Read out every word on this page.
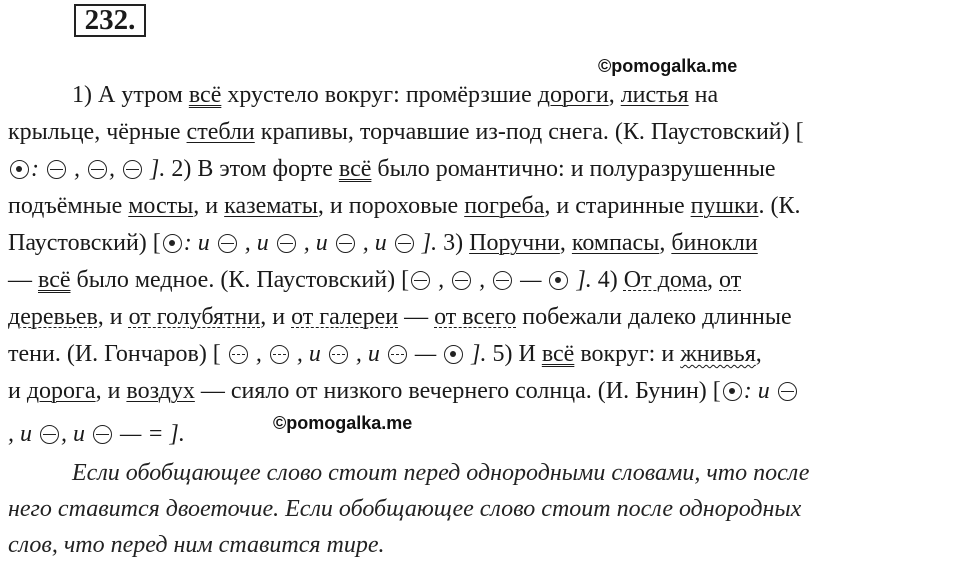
232.
©pomogalka.me
1) А утром всё хрустело вокруг: промёрзшие дороги, листья на
крыльце, чёрные стебли крапивы, торчавшие из-под снега. (К. Паустовский) [
:  , ,  ]. 2) В этом форте всё было романтично: и полуразрушенные
подъёмные мосты, и казематы, и пороховые погреба, и старинные пушки. (К.
Паустовский) [ : и  , и  , и  , и  ]. 3) Поручни, компасы, бинокли
— всё было медное. (К. Паустовский) [ ,  ,  —  ]. 4) От дома, от
деревьев, и от голубятни, и от галереи — от всего побежали далеко длинные
тени. (И. Гончаров) [  ,  , и  , и  —  ]. 5) И всё вокруг: и жнивья,
и дорога, и воздух — сияло от низкого вечернего солнца. (И. Бунин) [ : и
, и , и  — = ].	©pomogalka.me
Если обобщающее слово стоит перед однородными словами, что после
него ставится двоеточие. Если обобщающее слово стоит после однородных
слов, что перед ним ставится тире.
